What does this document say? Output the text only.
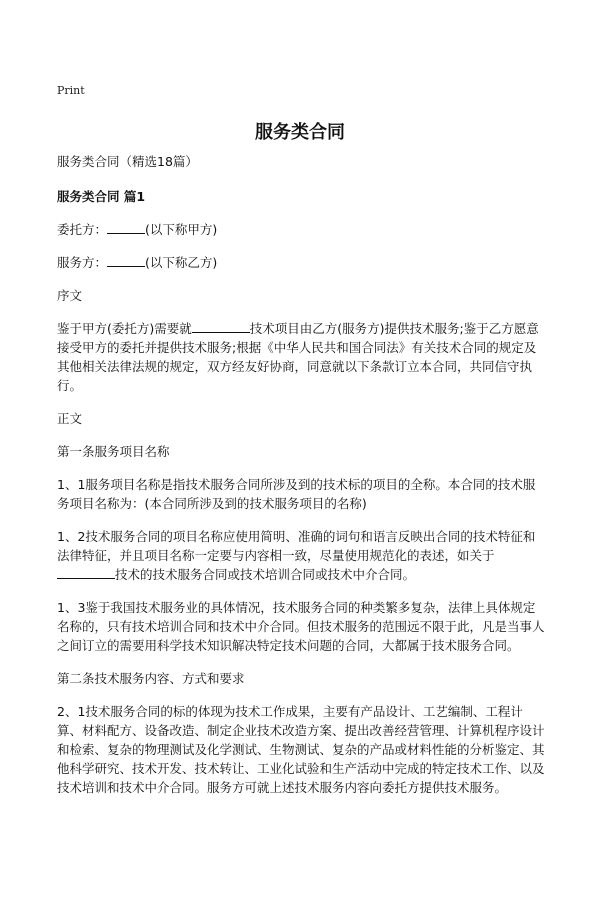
Print
服务类合同

服务类合同（精选18篇）

服务类合同 篇1

委托方：	(以下称甲方)

服务方：	(以下称乙方)

序文

鉴于甲方(委托方)需要就	技术项目由乙方(服务方)提供技术服务;鉴于乙方愿意接受甲方的委托并提供技术服务;根据《中华人民共和国合同法》有关技术合同的规定及其他相关法律法规的规定，双方经友好协商，同意就以下条款订立本合同，共同信守执行。

正文

第一条服务项目名称

1、1服务项目名称是指技术服务合同所涉及到的技术标的项目的全称。本合同的技术服务项目名称为：(本合同所涉及到的技术服务项目的名称)

1、2技术服务合同的项目名称应使用简明、准确的词句和语言反映出合同的技术特征和法律特征，并且项目名称一定要与内容相一致，尽量使用规范化的表述，如关于技术的技术服务合同或技术培训合同或技术中介合同。

1、3鉴于我国技术服务业的具体情况，技术服务合同的种类繁多复杂，法律上具体规定名称的，只有技术培训合同和技术中介合同。但技术服务的范围远不限于此，凡是当事人之间订立的需要用科学技术知识解决特定技术问题的合同，大都属于技术服务合同。

第二条技术服务内容、方式和要求

2、1技术服务合同的标的体现为技术工作成果，主要有产品设计、工艺编制、工程计算、材料配方、设备改造、制定企业技术改造方案、提出改善经营管理、计算机程序设计和检索、复杂的物理测试及化学测试、生物测试、复杂的产品或材料性能的分析鉴定、其他科学研究、技术开发、技术转让、工业化试验和生产活动中完成的特定技术工作、以及技术培训和技术中介合同。服务方可就上述技术服务内容向委托方提供技术服务。
